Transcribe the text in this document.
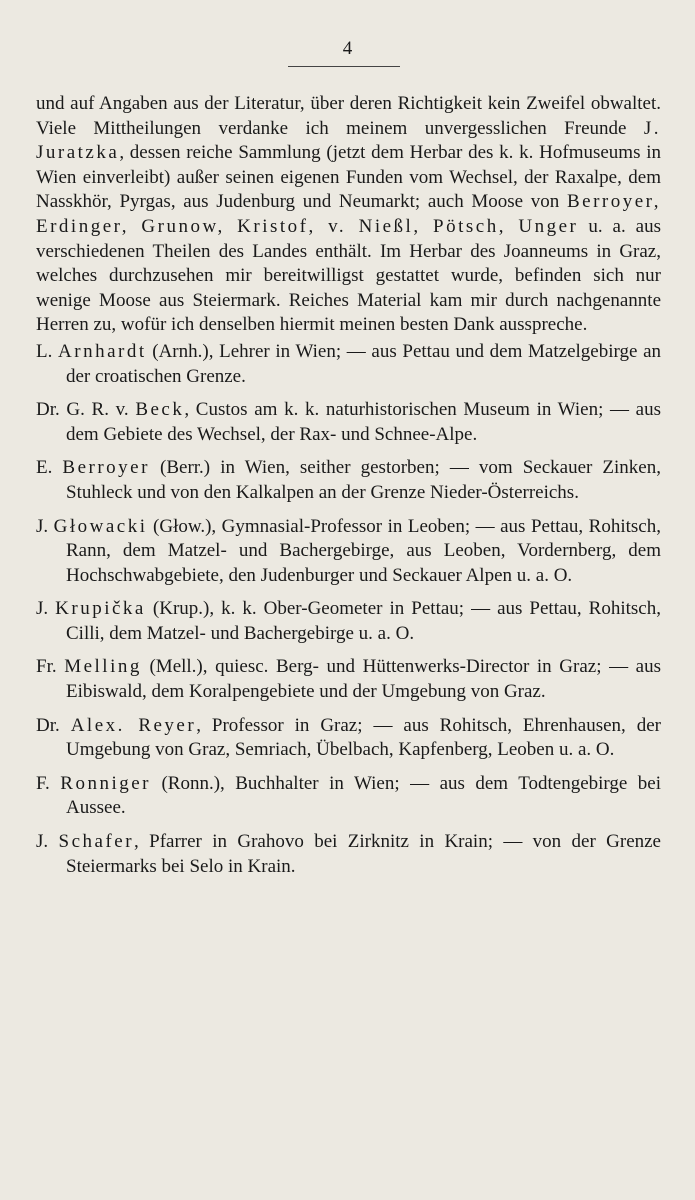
4

und auf Angaben aus der Literatur, über deren Richtigkeit kein Zweifel obwaltet. Viele Mittheilungen verdanke ich meinem unvergesslichen Freunde J. Juratzka, dessen reiche Sammlung (jetzt dem Herbar des k. k. Hofmuseums in Wien einverleibt) außer seinen eigenen Funden vom Wechsel, der Raxalpe, dem Nasskhör, Pyrgas, aus Judenburg und Neumarkt; auch Moose von Berroyer, Erdinger, Grunow, Kristof, v. Nießl, Pötsch, Unger u. a. aus verschiedenen Theilen des Landes enthält. Im Herbar des Joanneums in Graz, welches durchzusehen mir bereitwilligst gestattet wurde, befinden sich nur wenige Moose aus Steiermark. Reiches Material kam mir durch nachgenannte Herren zu, wofür ich denselben hiermit meinen besten Dank ausspreche.

L. Arnhardt (Arnh.), Lehrer in Wien; — aus Pettau und dem Matzelgebirge an der croatischen Grenze.
Dr. G. R. v. Beck, Custos am k. k. naturhistorischen Museum in Wien; — aus dem Gebiete des Wechsel, der Rax- und Schnee-Alpe.
E. Berroyer (Berr.) in Wien, seither gestorben; — vom Seckauer Zinken, Stuhleck und von den Kalkalpen an der Grenze Nieder-Österreichs.
J. Głowacki (Głow.), Gymnasial-Professor in Leoben; — aus Pettau, Rohitsch, Rann, dem Matzel- und Bachergebirge, aus Leoben, Vordernberg, dem Hochschwabgebiete, den Judenburger und Seckauer Alpen u. a. O.
J. Krupička (Krup.), k. k. Ober-Geometer in Pettau; — aus Pettau, Rohitsch, Cilli, dem Matzel- und Bachergebirge u. a. O.
Fr. Melling (Mell.), quiesc. Berg- und Hüttenwerks-Director in Graz; — aus Eibiswald, dem Koralpengebiete und der Umgebung von Graz.
Dr. Alex. Reyer, Professor in Graz; — aus Rohitsch, Ehrenhausen, der Umgebung von Graz, Semriach, Übelbach, Kapfenberg, Leoben u. a. O.
F. Ronniger (Ronn.), Buchhalter in Wien; — aus dem Todtengebirge bei Aussee.
J. Schafer, Pfarrer in Grahovo bei Zirknitz in Krain; — von der Grenze Steiermarks bei Selo in Krain.
